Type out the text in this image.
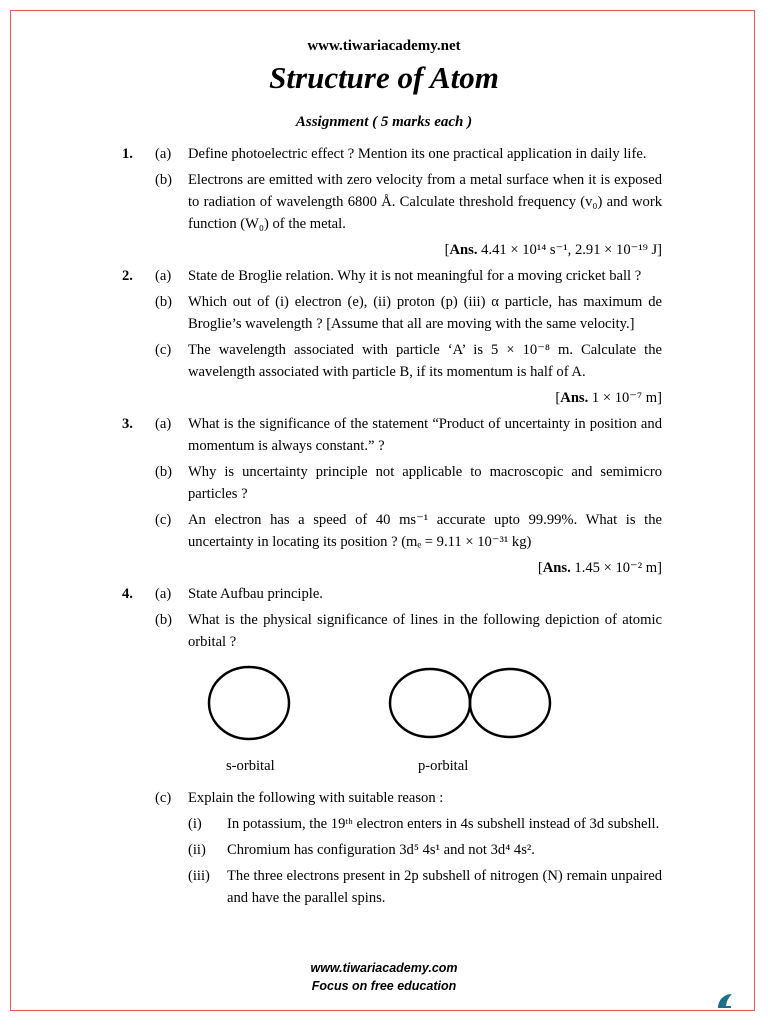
www.tiwariacademy.net
Structure of Atom
Assignment ( 5 marks each )
1. (a) Define photoelectric effect ? Mention its one practical application in daily life.
(b) Electrons are emitted with zero velocity from a metal surface when it is exposed to radiation of wavelength 6800 Å. Calculate threshold frequency (v₀) and work function (W₀) of the metal.
[Ans. 4.41 × 10¹⁴ s⁻¹, 2.91 × 10⁻¹⁹ J]
2. (a) State de Broglie relation. Why it is not meaningful for a moving cricket ball ?
(b) Which out of (i) electron (e), (ii) proton (p) (iii) α particle, has maximum de Broglie’s wavelength ? [Assume that all are moving with the same velocity.]
(c) The wavelength associated with particle ‘A’ is 5 × 10⁻⁸ m. Calculate the wavelength associated with particle B, if its momentum is half of A.
[Ans. 1 × 10⁻⁷ m]
3. (a) What is the significance of the statement “Product of uncertainty in position and momentum is always constant.” ?
(b) Why is uncertainty principle not applicable to macroscopic and semimicro particles ?
(c) An electron has a speed of 40 ms⁻¹ accurate upto 99.99%. What is the uncertainty in locating its position ? (mₑ = 9.11 × 10⁻³¹ kg)
[Ans. 1.45 × 10⁻² m]
4. (a) State Aufbau principle.
(b) What is the physical significance of lines in the following depiction of atomic orbital ?
s-orbital	p-orbital
(c) Explain the following with suitable reason :
(i) In potassium, the 19ᵗʰ electron enters in 4s subshell instead of 3d subshell.
(ii) Chromium has configuration 3d⁵ 4s¹ and not 3d⁴ 4s².
(iii) The three electrons present in 2p subshell of nitrogen (N) remain unpaired and have the parallel spins.
www.tiwariacademy.com
Focus on free education
